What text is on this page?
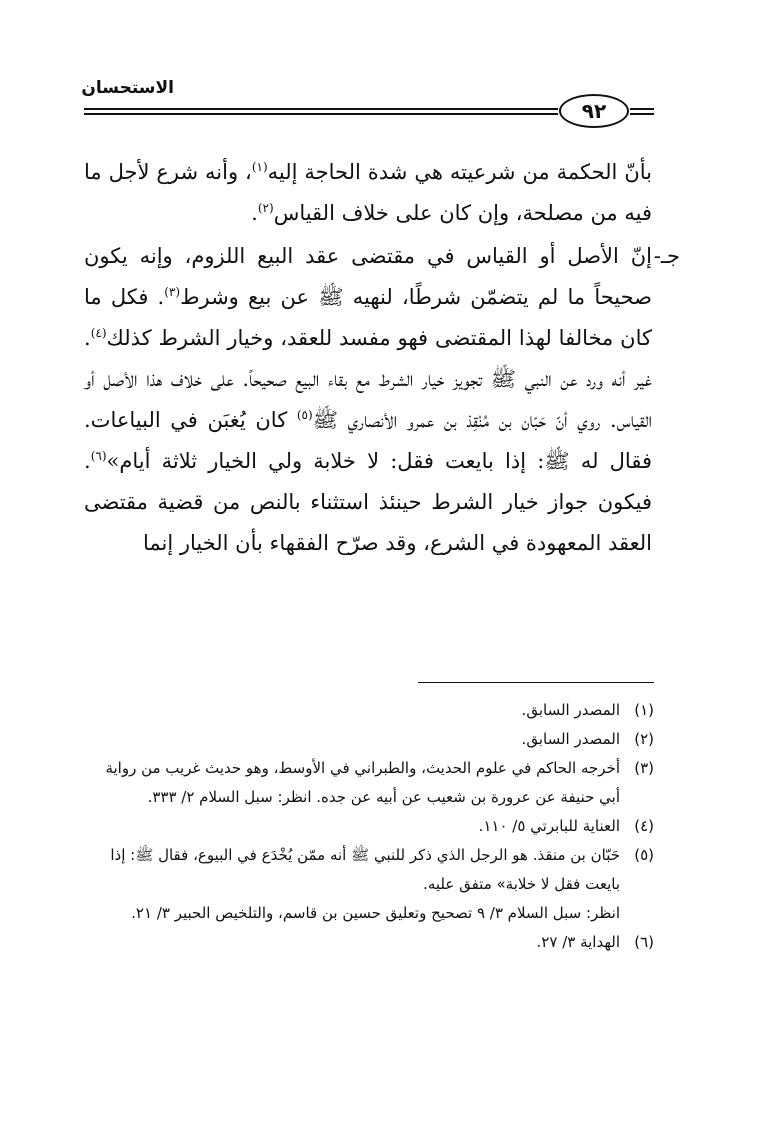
الاستحسان
٩٢

بأنّ الحكمة من شرعيته هي شدة الحاجة إليه$^{(١)}$، وأنه شرع لأجل ما فيه من مصلحة، وإن كان على خلاف القياس$^{(٢)}$.

جـ-

إنّ الأصل أو القياس في مقتضى عقد البيع اللزوم، وإنه يكون صحيحاً ما لم يتضمّن شرطًا، لنهيه ﷺ عن بيع وشرط$^{(٣)}$. فكل ما كان مخالفا لهذا المقتضى فهو مفسد للعقد، وخيار الشرط كذلك$^{(٤)}$. غير أنه ورد عن النبي ﷺ تجويز خيار الشرط مع بقاء البيع صحيحاً. على خلاف هذا الأصل أو القياس. روي أنّ حَبّان بن مُنْقِذ بن عمرو الأنصاري ﷺ$^{(٥)}$ كان يُغبَن في البياعات. فقال له ﷺ: إذا بايعت فقل: لا خلابة ولي الخيار ثلاثة أيام»$^{(٦)}$. فيكون جواز خيار الشرط حينئذ استثناء بالنص من قضية مقتضى العقد المعهودة في الشرع، وقد صرّح الفقهاء بأن الخيار إنما

(١)
المصدر السابق.
(٢)
المصدر السابق.
(٣)
أخرجه الحاكم في علوم الحديث، والطبراني في الأوسط، وهو حديث غريب من رواية أبي حنيفة عن عرورة بن شعيب عن أبيه عن جده. انظر: سبل السلام ٢/ ٣٣٣.
(٤)
العناية للبابرتي ٥/ ١١٠.
(٥)
حَبّان بن منقذ. هو الرجل الذي ذكر للنبي ﷺ أنه ممّن يُخْدَع في البيوع، فقال ﷺ: إذا بايعت فقل لا خلابة» متفق عليه.
انظر: سبل السلام ٣/ ٩ تصحيح وتعليق حسين بن قاسم، والتلخيص الحبير ٣/ ٢١.
(٦)
الهداية ٣/ ٢٧.
